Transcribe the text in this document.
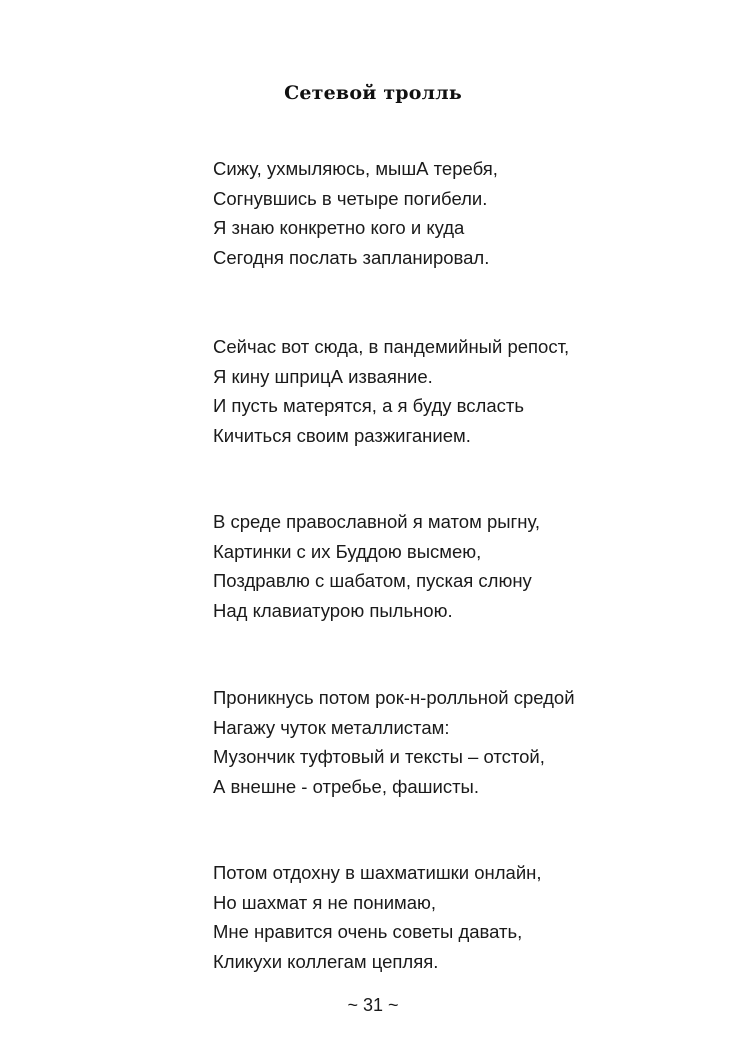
Сетевой тролль
Сижу, ухмыляюсь, мышА теребя,
Согнувшись в четыре погибели.
Я знаю конкретно кого и куда
Сегодня послать запланировал.
Сейчас вот сюда, в пандемийный репост,
Я кину шприцА изваяние.
И пусть матерятся, а я буду всласть
Кичиться своим разжиганием.
В среде православной я матом рыгну,
Картинки с их Буддою высмею,
Поздравлю с шабатом, пуская слюну
Над клавиатурою пыльною.
Проникнусь потом рок-н-ролльной средой
Нагажу чуток металлистам:
Музончик туфтовый и тексты – отстой,
А внешне - отребье, фашисты.
Потом отдохну в шахматишки онлайн,
Но шахмат я не понимаю,
Мне нравится очень советы давать,
Кликухи коллегам цепляя.
~ 31 ~
